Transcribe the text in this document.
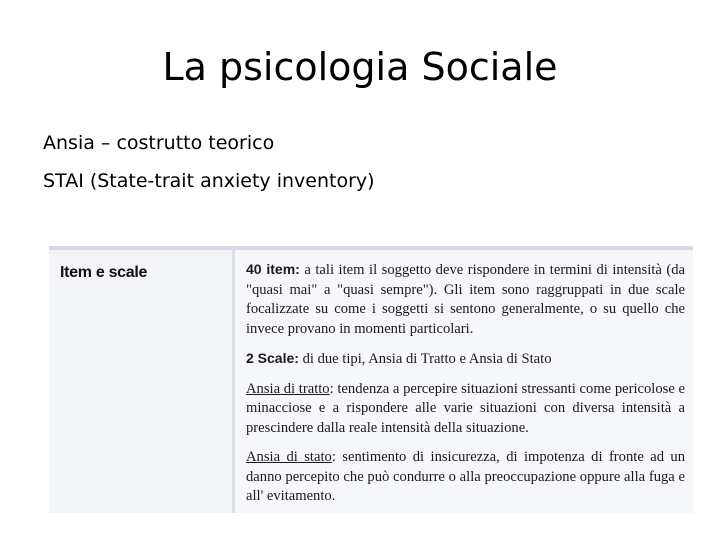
La psicologia Sociale
Ansia – costrutto teorico
STAI (State-trait anxiety inventory)
Item e scale	40 item: a tali item il soggetto deve rispondere in termini di intensità (da "quasi mai" a "quasi sempre"). Gli item sono raggruppati in due scale focalizzate su come i soggetti si sentono generalmente, o su quello che invece provano in momenti particolari.

2 Scale: di due tipi, Ansia di Tratto e Ansia di Stato

Ansia di tratto: tendenza a percepire situazioni stressanti come pericolose e minacciose e a rispondere alle varie situazioni con diversa intensità a prescindere dalla reale intensità della situazione.

Ansia di stato: sentimento di insicurezza, di impotenza di fronte ad un danno percepito che può condurre o alla preoccupazione oppure alla fuga e all' evitamento.
